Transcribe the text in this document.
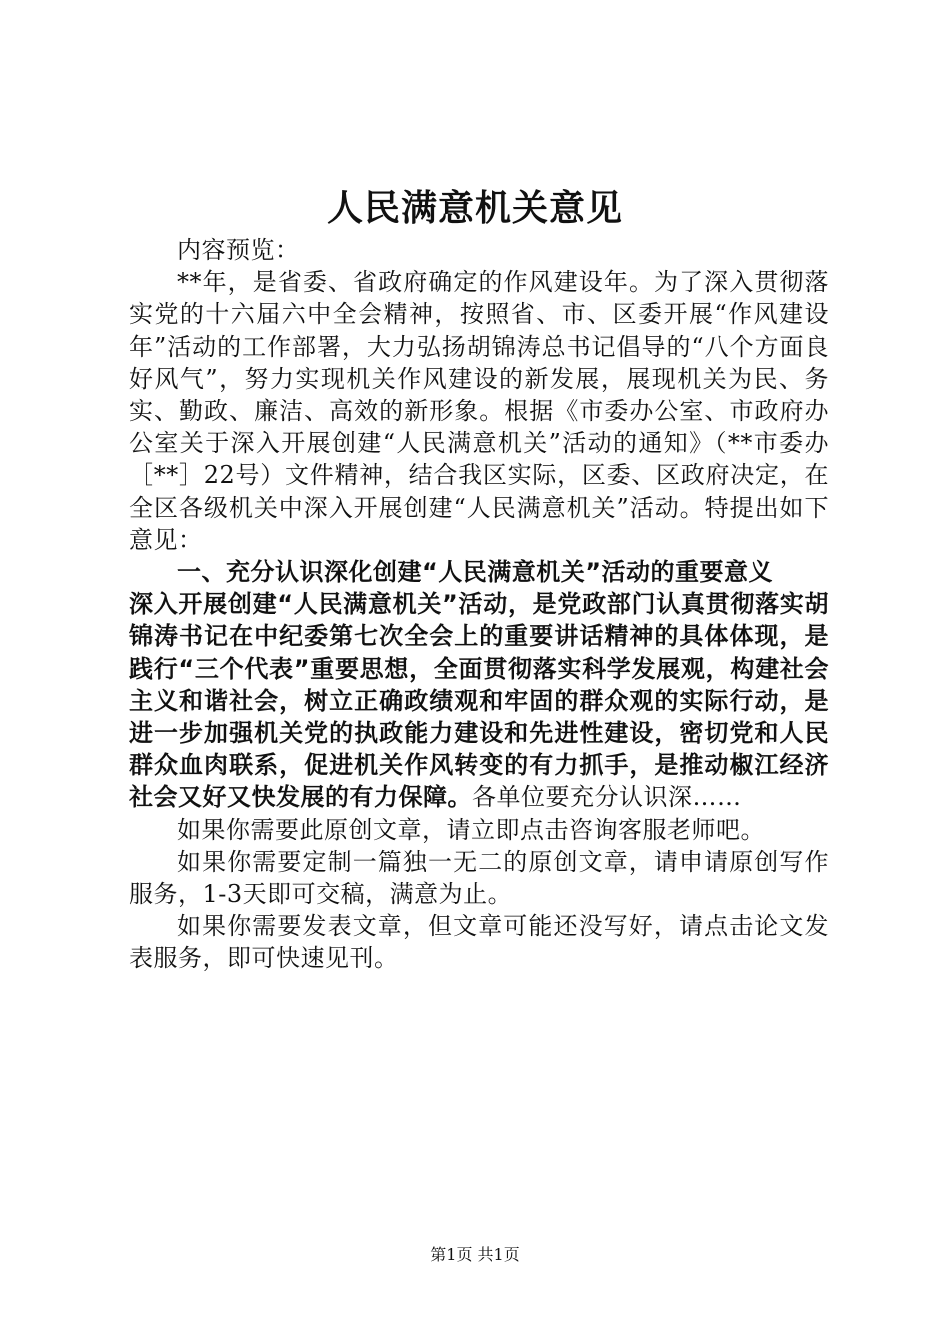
人民满意机关意见

内容预览：

**年，是省委、省政府确定的作风建设年。为了深入贯彻落实党的十六届六中全会精神，按照省、市、区委开展“作风建设年”活动的工作部署，大力弘扬胡锦涛总书记倡导的“八个方面良好风气”，努力实现机关作风建设的新发展，展现机关为民、务实、勤政、廉洁、高效的新形象。根据《市委办公室、市政府办公室关于深入开展创建“人民满意机关”活动的通知》（**市委办［**］22号）文件精神，结合我区实际，区委、区政府决定，在全区各级机关中深入开展创建“人民满意机关”活动。特提出如下意见：

一、充分认识深化创建“人民满意机关”活动的重要意义

深入开展创建“人民满意机关”活动，是党政部门认真贯彻落实胡锦涛书记在中纪委第七次全会上的重要讲话精神的具体体现，是践行“三个代表”重要思想，全面贯彻落实科学发展观，构建社会主义和谐社会，树立正确政绩观和牢固的群众观的实际行动，是进一步加强机关党的执政能力建设和先进性建设，密切党和人民群众血肉联系，促进机关作风转变的有力抓手，是推动椒江经济社会又好又快发展的有力保障。各单位要充分认识深……

如果你需要此原创文章，请立即点击咨询客服老师吧。

如果你需要定制一篇独一无二的原创文章，请申请原创写作服务，1-3天即可交稿，满意为止。

如果你需要发表文章，但文章可能还没写好，请点击论文发表服务，即可快速见刊。

第1页 共1页
